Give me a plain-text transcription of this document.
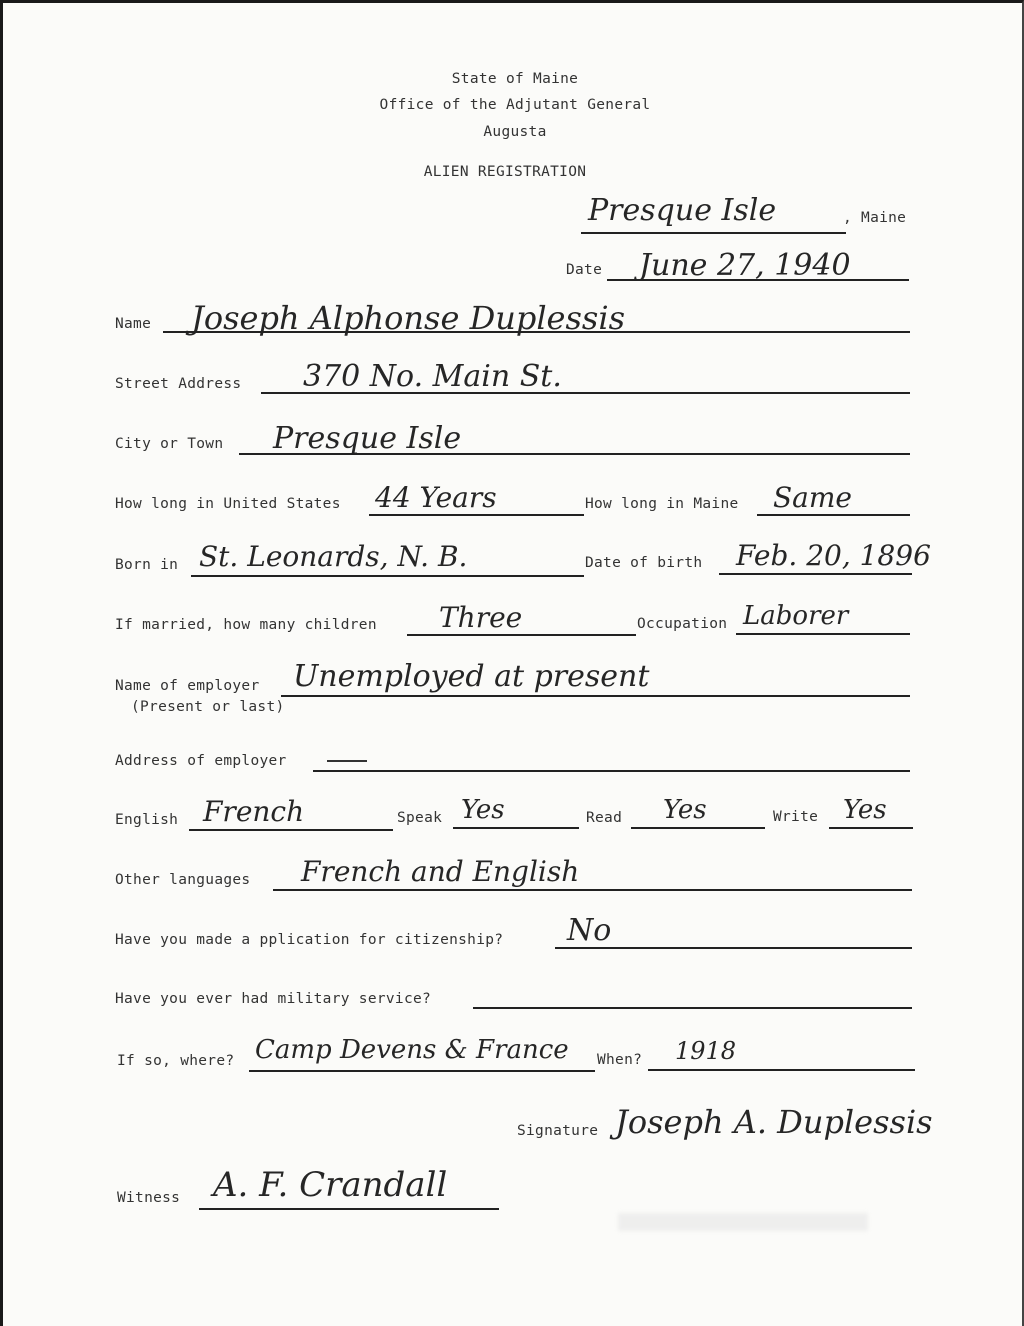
State of Maine
Office of the Adjutant General
Augusta
ALIEN REGISTRATION
Presque Isle	, Maine
Date June 27, 1940
Name Joseph Alphonse Duplessis
Street Address 370 No. Main St.
City or Town Presque Isle
How long in United States 44 Years	How long in Maine Same
Born in St. Leonards, N. B.	Date of birth Feb. 20, 1896
If married, how many children Three	Occupation Laborer
Name of employer
(Present or last)
Unemployed at present
Address of employer
English French	Speak Yes	Read Yes	Write Yes
Other languages French and English
Have you made a pplication for citizenship? No
Have you ever had military service?
If so, where? Camp Devens & France When? 1918
Signature Joseph A. Duplessis
Witness A. F. Crandall
